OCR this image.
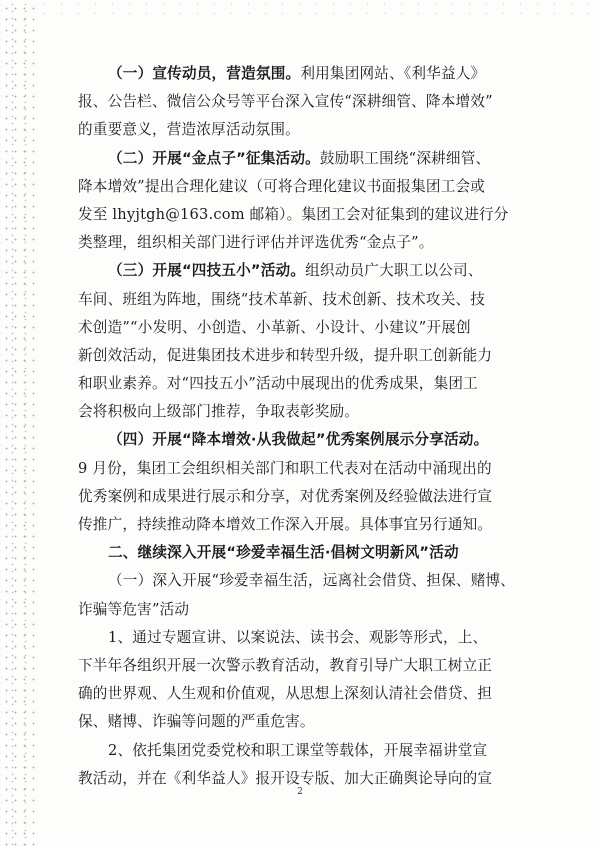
（一）宣传动员，营造氛围。利用集团网站、《利华益人》
报、公告栏、微信公众号等平台深入宣传“深耕细管、降本增效”
的重要意义，营造浓厚活动氛围。
（二）开展“金点子”征集活动。鼓励职工围绕“深耕细管、
降本增效”提出合理化建议（可将合理化建议书面报集团工会或
发至 lhyjtgh@163.com 邮箱）。集团工会对征集到的建议进行分
类整理，组织相关部门进行评估并评选优秀“金点子”。
（三）开展“四技五小”活动。组织动员广大职工以公司、
车间、班组为阵地，围绕“技术革新、技术创新、技术攻关、技
术创造”“小发明、小创造、小革新、小设计、小建议”开展创
新创效活动，促进集团技术进步和转型升级，提升职工创新能力
和职业素养。对“四技五小”活动中展现出的优秀成果，集团工
会将积极向上级部门推荐，争取表彰奖励。
（四）开展“降本增效·从我做起”优秀案例展示分享活动。
9 月份，集团工会组织相关部门和职工代表对在活动中涌现出的
优秀案例和成果进行展示和分享，对优秀案例及经验做法进行宣
传推广，持续推动降本增效工作深入开展。具体事宜另行通知。
二、继续深入开展“珍爱幸福生活·倡树文明新风”活动
（一）深入开展“珍爱幸福生活，远离社会借贷、担保、赌博、
诈骗等危害”活动
1、通过专题宣讲、以案说法、读书会、观影等形式，上、
下半年各组织开展一次警示教育活动，教育引导广大职工树立正
确的世界观、人生观和价值观，从思想上深刻认清社会借贷、担
保、赌博、诈骗等问题的严重危害。
2、依托集团党委党校和职工课堂等载体，开展幸福讲堂宣
教活动，并在《利华益人》报开设专版、加大正确舆论导向的宣
2
